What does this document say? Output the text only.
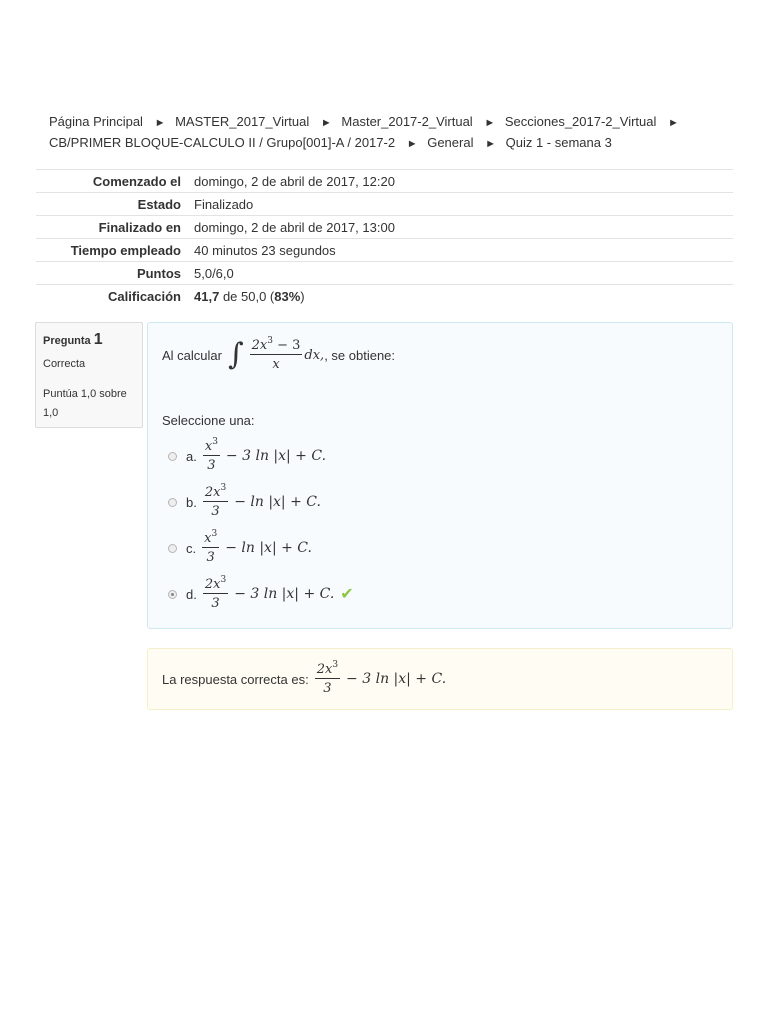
Página Principal ► MASTER_2017_Virtual ► Master_2017-2_Virtual ► Secciones_2017-2_Virtual ►
CB/PRIMER BLOQUE-CALCULO II / Grupo[001]-A / 2017-2 ► General ► Quiz 1 - semana 3
Comenzado el	domingo, 2 de abril de 2017, 12:20
Estado	Finalizado
Finalizado en	domingo, 2 de abril de 2017, 13:00
Tiempo empleado	40 minutos 23 segundos
Puntos	5,0/6,0
Calificación	41,7 de 50,0 (83%)
Pregunta 1
Correcta
Puntúa 1,0 sobre 1,0
Al calcular ∫ $\frac{2x^3 - 3}{x}$ dx, , se obtiene:
Seleccione una:
a. $\frac{x^3}{3} - 3$ ln |x| + C.
b. $\frac{2x^3}{3} - \ln |x| + C$.
c. $\frac{x^3}{3} - \ln |x| + C$.
d. $\frac{2x^3}{3} - 3$ ln |x| + C. ✔
La respuesta correcta es: $\frac{2x^3}{3} - 3$ ln |x| + C.
